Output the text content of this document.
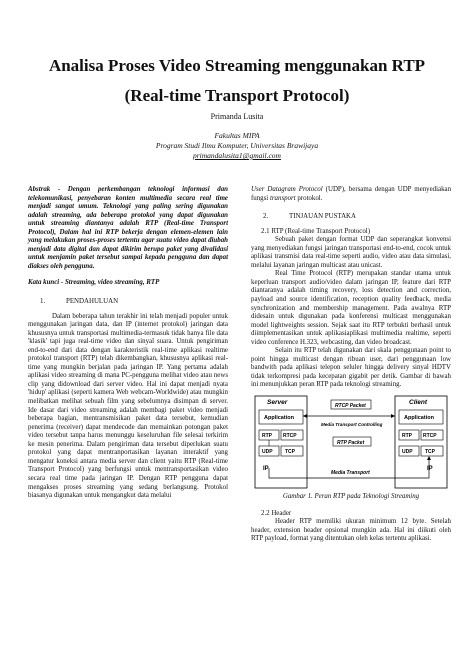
Analisa Proses Video Streaming menggunakan RTP
(Real-time Transport Protocol)
Primanda Lusita
Fakultas MIPA
Program Studi Ilmu Komputer, Universitas Brawijaya
primandalusita1@gmail.com

Abstrak - Dengan perkembangan teknologi informasi dan telekomunikasi, penyebaran konten multimedia secara real time menjadi sangat umum. Teknologi yang paling sering digunakan adalah streaming, ada beberapa protokol yang dapat digunakan untuk streaming diantanya adalah RTP (Real-time Transport Protocol), Dalam hal ini RTP bekerja dengan elemen-elemen lain yang melakukan proses-proses tertentu agar suatu video dapat diubah menjadi data digital dan dapat dikirim berupa paket yang divalidasi untuk menjamin paket tersebut sampai kepada pengguna dan dapat diakses oleh pengguna.

Kata kunci - Streaming, video streaming, RTP

1.	PENDAHULUAN

Dalam beberapa tahun terakhir ini telah menjadi populer untuk menggunakan jaringan data, dan IP (internet protokol) jaringan data khususnya untuk transportasi multimedia-termasuk tidak hanya file data 'klasik' tapi juga real-time video dan sinyal suara. Untuk pengiriman end-to-end dari data dengan karakteristik real-time aplikasi realtime protokol transport (RTP) telah dikembangkan, khususnya aplikasi real-time yang mungkin berjalan pada jaringan IP. Yang pertama adalah aplikasi video streaming di mana PC-pengguna melihat video atau news clip yang didownload dari server video. Hal ini dapat menjadi nyata 'hidup' aplikasi (seperti kamera Web webcam-Worldwide) atau mungkin melibatkan melihat sebuah film yang sebelumnya disimpan di server. Ide dasar dari video streaming adalah membagi paket video menjadi beberapa bagian, mentransmisikan paket data tersebut, kemudian penerima (receiver) dapat mendecode dan memainkan potongan paket video tersebut tanpa harus menunggu keseluruhan file selesai terkirim ke mesin penerima. Dalam pengiriman data tersebut diperlukan suatu protokol yang dapat mentranportasikan layanan interaktif yang mengatur koneksi antara media server dan client yaitu RTP (Real-time Transport Protocol) yang berfungsi untuk mentransportasikan video secara real time pada jaringan IP. Dengan RTP pengguna dapat mengakses proses streaming yang sedang berlangsung. Protokol biasanya digunakan untuk mengangkut data melalui

User Datagram Protocol (UDP), bersama dengan UDP menyediakan fungsi transport protokol.

2.	TINJAUAN PUSTAKA

2.1 RTP (Real-time Transport Protocol)

Sebuah paket dengan format UDP dan seperangkat konvensi yang menyediakan fungsi jaringan transportasi end-to-end, cocok untuk aplikasi transmisi data real-time seperti audio, video atau data simulasi, melalui layanan jaringan multicast atau unicast.

Real Time Protocol (RTP) merupakan standar utama untuk keperluan transport audio/video dalam jaringan IP, feature dari RTP diantaranya adalah timing recovery, loss detection and correction, payload and source identification, reception quality feedback, media synchronization and membership management. Pada awalnya RTP didesain untuk digunakan pada konferensi multicast menggunakan model lightweights session. Sejak saat itu RTP terbukti berhasil untuk diimplementasikan untuk aplikasiaplikasi multimedia realtime, seperti video conference H.323, webcasting, dan video broadcast.

Selain itu RTP telah digunakan dari skala penggunaan point to point hingga multicast dengan ribuan user, dari penggunaan low bandwith pada aplikasi telepon seluler hingga delivery sinyal HDTV tidak terkompresi pada kecepatan gigabit per detik. Gambar di bawah ini menunjukkan peran RTP pada teknologi streaming.

Server
Application
RTP RTCP
UDP TCP
IP
Client
Application
RTP RTCP
UDP TCP
IP
RTCP Packet
RTP Packet
Media Transport Controlling
Media Transport

Gambar 1. Peran RTP pada Teknologi Streaming

2.2 Header

Header RTP memiliki ukuran minimum 12 byte. Setelah header, extension header opsional mungkin ada. Hal ini diikuti oleh RTP payload, format yang ditentukan oleh kelas tertentu aplikasi.
